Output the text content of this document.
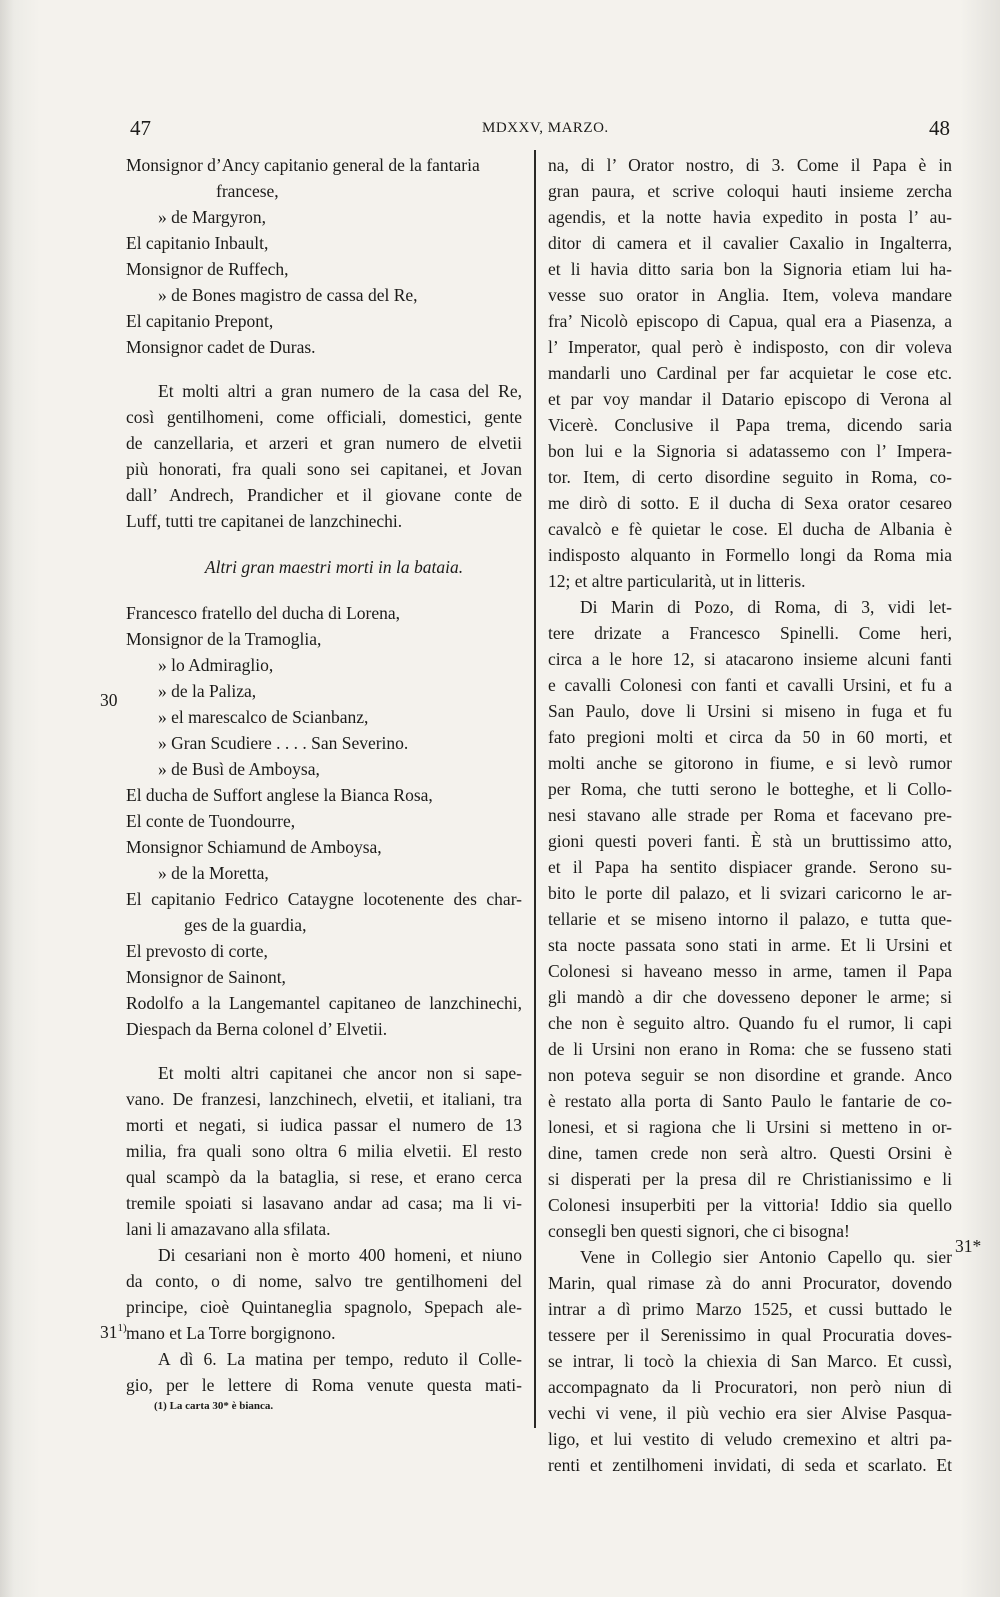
47	MDXXV, MARZO.	48
Monsignor d’Ancy capitanio general de la fantaria
francese,
» de Margyron,
El capitanio Inbault,
Monsignor de Ruffech,
» de Bones magistro de cassa del Re,
El capitanio Prepont,
Monsignor cadet de Duras.
Et molti altri a gran numero de la casa del Re,
così gentilhomeni, come officiali, domestici, gente
de canzellaria, et arzeri et gran numero de elvetii
più honorati, fra quali sono sei capitanei, et Jovan
dall’ Andrech, Prandicher et il giovane conte de
Luff, tutti tre capitanei de lanzchinechi.
Altri gran maestri morti in la bataia.
Francesco fratello del ducha di Lorena,
Monsignor de la Tramoglia,
» lo Admiraglio,
» de la Paliza,
» el marescalco de Scianbanz,
» Gran Scudiere . . . . San Severino.
» de Busì de Amboysa,
El ducha de Suffort anglese la Bianca Rosa,
El conte de Tuondourre,
Monsignor Schiamund de Amboysa,
» de la Moretta,
El capitanio Fedrico Cataygne locotenente des char-
ges de la guardia,
El prevosto di corte,
Monsignor de Sainont,
Rodolfo a la Langemantel capitaneo de lanzchinechi,
Diespach da Berna colonel d’ Elvetii.
Et molti altri capitanei che ancor non si sape-
vano. De franzesi, lanzchinech, elvetii, et italiani, tra
morti et negati, si iudica passar el numero de 13
milia, fra quali sono oltra 6 milia elvetii. El resto
qual scampò da la bataglia, si rese, et erano cerca
tremile spoiati si lasavano andar ad casa; ma li vi-
lani li amazavano alla sfilata.
Di cesariani non è morto 400 homeni, et niuno
da conto, o di nome, salvo tre gentilhomeni del
principe, cioè Quintaneglia spagnolo, Spepach ale-
mano et La Torre borgignono.
A dì 6. La matina per tempo, reduto il Colle-
gio, per le lettere di Roma venute questa mati-
30
31$^{1)}$
(1) La carta 30* è bianca.
na, di l’ Orator nostro, di 3. Come il Papa è in
gran paura, et scrive coloqui hauti insieme zercha
agendis, et la notte havia expedito in posta l’ au-
ditor di camera et il cavalier Caxalio in Ingalterra,
et li havia ditto saria bon la Signoria etiam lui ha-
vesse suo orator in Anglia. Item, voleva mandare
fra’ Nicolò episcopo di Capua, qual era a Piasenza, a
l’ Imperator, qual però è indisposto, con dir voleva
mandarli uno Cardinal per far acquietar le cose etc.
et par voy mandar il Datario episcopo di Verona al
Vicerè. Conclusive il Papa trema, dicendo saria
bon lui e la Signoria si adatassemo con l’ Impera-
tor. Item, di certo disordine seguito in Roma, co-
me dirò di sotto. E il ducha di Sexa orator cesareo
cavalcò e fè quietar le cose. El ducha de Albania è
indisposto alquanto in Formello longi da Roma mia
12; et altre particularità, ut in litteris.
Di Marin di Pozo, di Roma, di 3, vidi let-
tere drizate a Francesco Spinelli. Come heri,
circa a le hore 12, si atacarono insieme alcuni fanti
e cavalli Colonesi con fanti et cavalli Ursini, et fu a
San Paulo, dove li Ursini si miseno in fuga et fu
fato pregioni molti et circa da 50 in 60 morti, et
molti anche se gitorono in fiume, e si levò rumor
per Roma, che tutti serono le botteghe, et li Collo-
nesi stavano alle strade per Roma et facevano pre-
gioni questi poveri fanti. È stà un bruttissimo atto,
et il Papa ha sentito dispiacer grande. Serono su-
bito le porte dil palazo, et li svizari caricorno le ar-
tellarie et se miseno intorno il palazo, e tutta que-
sta nocte passata sono stati in arme. Et li Ursini et
Colonesi si haveano messo in arme, tamen il Papa
gli mandò a dir che dovesseno deponer le arme; si
che non è seguito altro. Quando fu el rumor, li capi
de li Ursini non erano in Roma: che se fusseno stati
non poteva seguir se non disordine et grande. Anco
è restato alla porta di Santo Paulo le fantarie de co-
lonesi, et si ragiona che li Ursini si metteno in or-
dine, tamen crede non serà altro. Questi Orsini è
si disperati per la presa dil re Christianissimo e li
Colonesi insuperbiti per la vittoria! Iddio sia quello
consegli ben questi signori, che ci bisogna!
Vene in Collegio sier Antonio Capello qu. sier
Marin, qual rimase zà do anni Procurator, dovendo
intrar a dì primo Marzo 1525, et cussi buttado le
tessere per il Serenissimo in qual Procuratia doves-
se intrar, li tocò la chiexia di San Marco. Et cussì,
accompagnato da li Procuratori, non però niun di
vechi vi vene, il più vechio era sier Alvise Pasqua-
ligo, et lui vestito di veludo cremexino et altri pa-
renti et zentilhomeni invidati, di seda et scarlato. Et
31*
